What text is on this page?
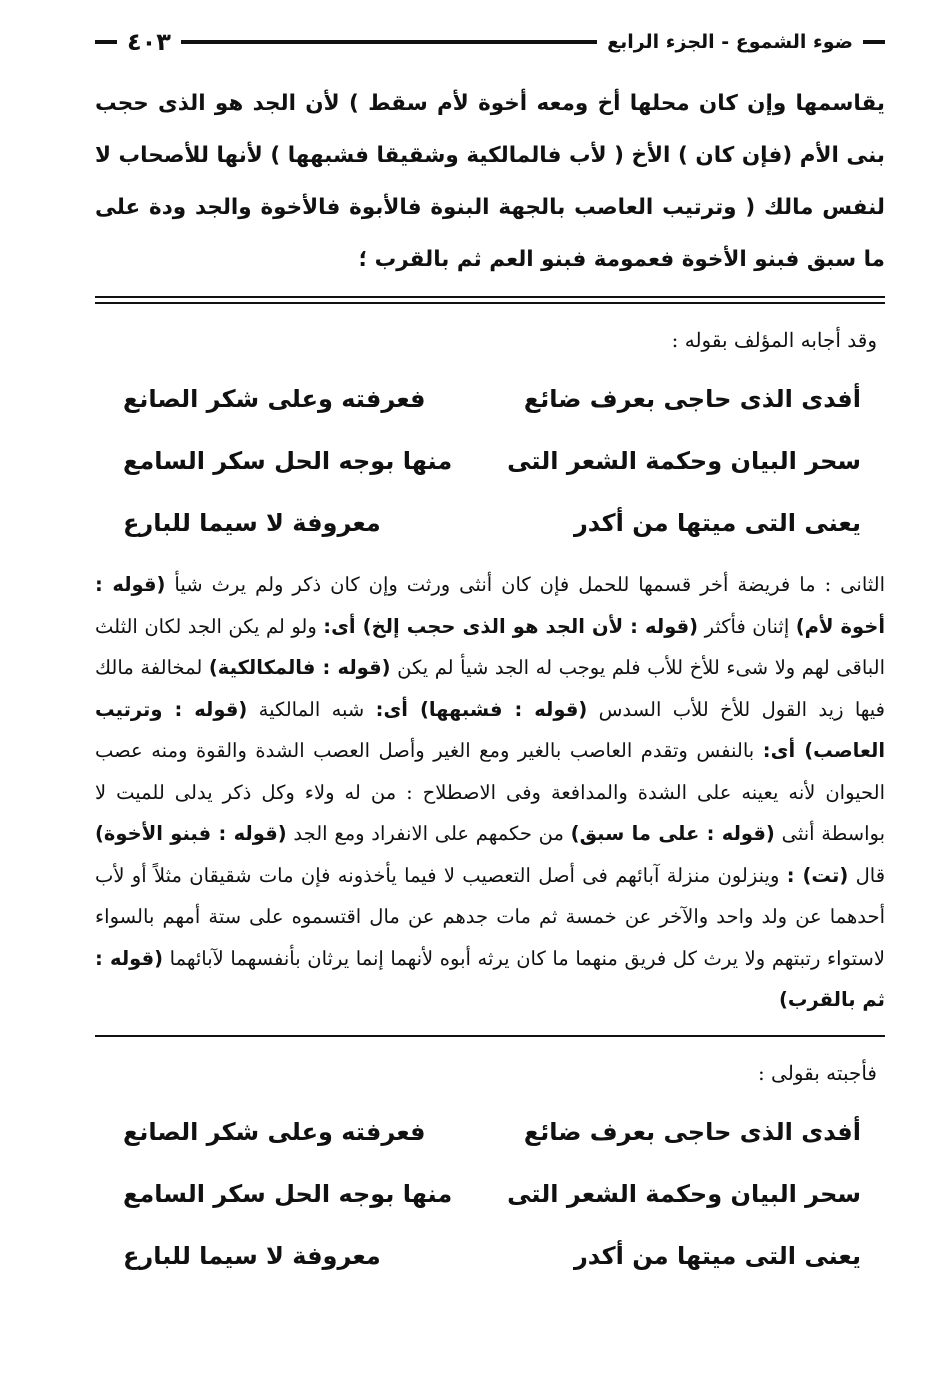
ضوء الشموع - الجزء الرابع
٤٠٣

يقاسمها وإن كان محلها أخ ومعه أخوة لأم سقط ) لأن الجد هو الذى حجب بنى الأم (فإن كان ) الأخ ( لأب فالمالكية وشقيقا فشبهها ) لأنها للأصحاب لا لنفس مالك ( وترتيب العاصب بالجهة البنوة فالأبوة فالأخوة والجد ودة على ما سبق فبنو الأخوة فعمومة فبنو العم ثم بالقرب ؛

وقد أجابه المؤلف بقوله :
أفدى الذى حاجى بعرف ضائع
فعرفته وعلى شكر الصانع
سحر البيان وحكمة الشعر التى
منها بوجه الحل سكر السامع
يعنى التى ميتها من أكدر
معروفة لا سيما للبارع

الثانى : ما فريضة أخر قسمها للحمل فإن كان أنثى ورثت وإن كان ذكر ولم يرث شيأ (قوله : أخوة لأم) إثنان فأكثر (قوله : لأن الجد هو الذى حجب إلخ) أى: ولو لم يكن الجد لكان الثلث الباقى لهم ولا شىء للأخ للأب فلم يوجب له الجد شيأ لم يكن (قوله : فالمكالكية) لمخالفة مالك فيها زيد القول للأخ للأب السدس (قوله : فشبهها) أى: شبه المالكية (قوله : وترتيب العاصب) أى: بالنفس وتقدم العاصب بالغير ومع الغير وأصل العصب الشدة والقوة ومنه عصب الحيوان لأنه يعينه على الشدة والمدافعة وفى الاصطلاح : من له ولاء وكل ذكر يدلى للميت لا بواسطة أنثى (قوله : على ما سبق) من حكمهم على الانفراد ومع الجد (قوله : فبنو الأخوة) قال (تت) : وينزلون منزلة آبائهم فى أصل التعصيب لا فيما يأخذونه فإن مات شقيقان مثلاً أو لأب أحدهما عن ولد واحد والآخر عن خمسة ثم مات جدهم عن مال اقتسموه على ستة أمهم بالسواء لاستواء رتبتهم ولا يرث كل فريق منهما ما كان يرثه أبوه لأنهما إنما يرثان بأنفسهما لآبائهما (قوله : ثم بالقرب)

فأجبته بقولى :
أفدى الذى حاجى بعرف ضائع
فعرفته وعلى شكر الصانع
سحر البيان وحكمة الشعر التى
منها بوجه الحل سكر السامع
يعنى التى ميتها من أكدر
معروفة لا سيما للبارع
